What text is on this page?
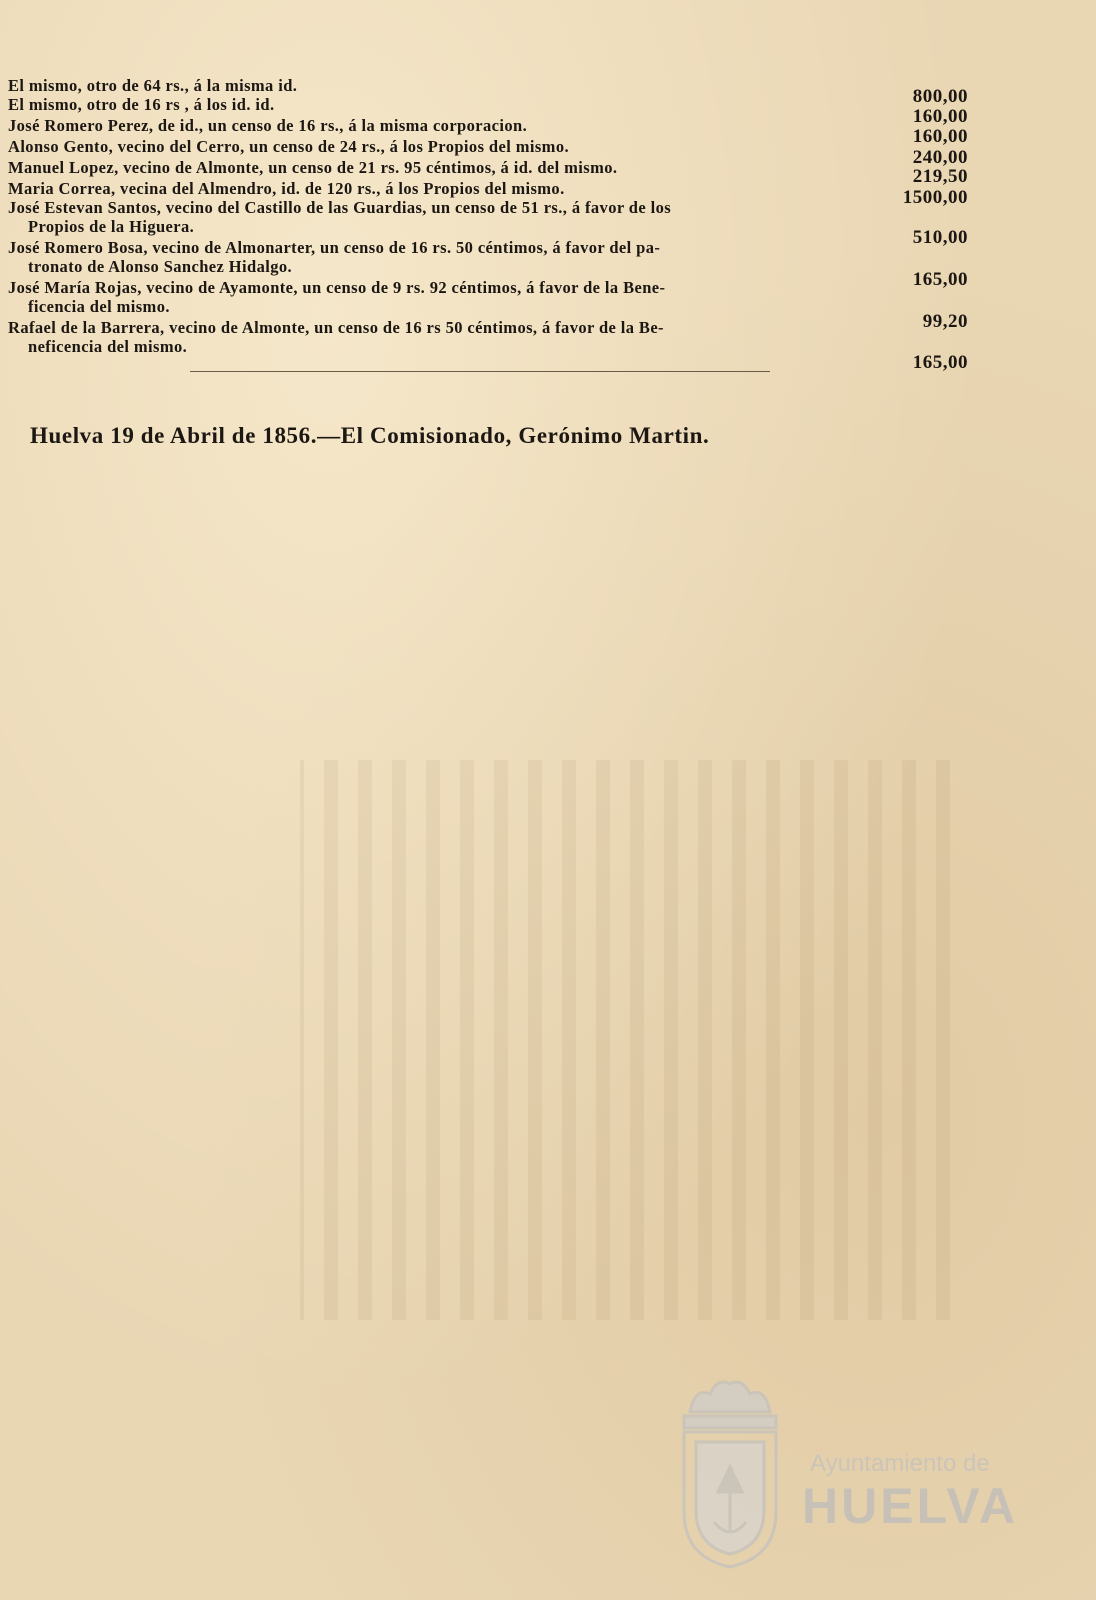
El mismo, otro de 64 rs., á la misma id.
800,00
El mismo, otro de 16 rs , á los id. id.
160,00
José Romero Perez, de id., un censo de 16 rs., á la misma corporacion.
160,00
Alonso Gento, vecino del Cerro, un censo de 24 rs., á los Propios del mismo.
240,00
Manuel Lopez, vecino de Almonte, un censo de 21 rs. 95 céntimos, á id. del mismo.	219,50
Maria Correa, vecina del Almendro, id. de 120 rs., á los Propios del mismo.	1500,00
José Estevan Santos, vecino del Castillo de las Guardias, un censo de 51 rs., á favor de los
Propios de la Higuera.
510,00
José Romero Bosa, vecino de Almonarter, un censo de 16 rs. 50 céntimos, á favor del pa-
tronato de Alonso Sanchez Hidalgo.
165,00
José María Rojas, vecino de Ayamonte, un censo de 9 rs. 92 céntimos, á favor de la Bene-
ficencia del mismo.
99,20
Rafael de la Barrera, vecino de Almonte, un censo de 16 rs 50 céntimos, á favor de la Be-
neficencia del mismo.
165,00
Huelva 19 de Abril de 1856.—El Comisionado, Gerónimo Martin.
Ayuntamiento de
HUELVA
